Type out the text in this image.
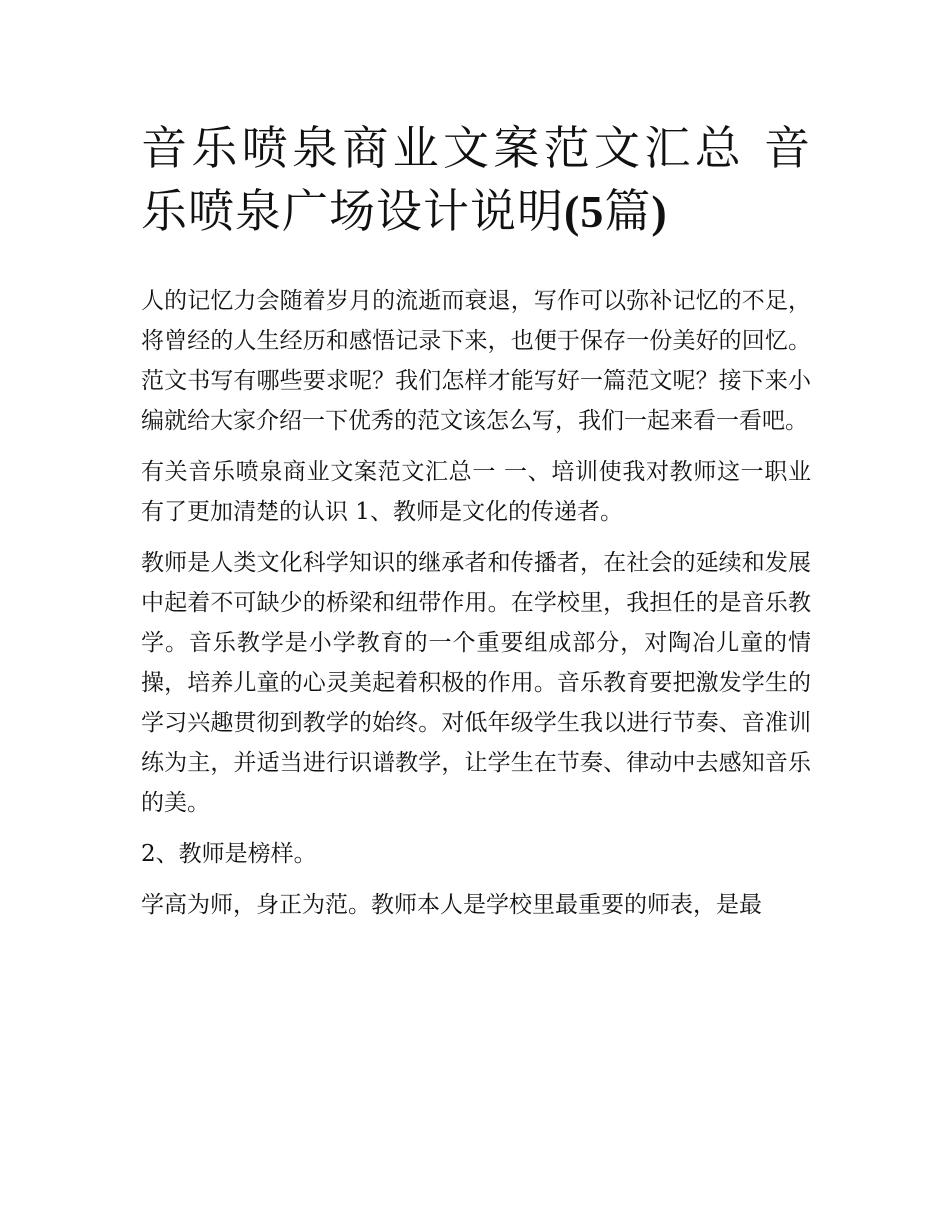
音乐喷泉商业文案范文汇总 音乐喷泉广场设计说明(5篇)

人的记忆力会随着岁月的流逝而衰退，写作可以弥补记忆的不足，将曾经的人生经历和感悟记录下来，也便于保存一份美好的回忆。范文书写有哪些要求呢？我们怎样才能写好一篇范文呢？接下来小编就给大家介绍一下优秀的范文该怎么写，我们一起来看一看吧。

有关音乐喷泉商业文案范文汇总一 一、培训使我对教师这一职业有了更加清楚的认识 1、教师是文化的传递者。

教师是人类文化科学知识的继承者和传播者，在社会的延续和发展中起着不可缺少的桥梁和纽带作用。在学校里，我担任的是音乐教学。音乐教学是小学教育的一个重要组成部分，对陶冶儿童的情操，培养儿童的心灵美起着积极的作用。音乐教育要把激发学生的学习兴趣贯彻到教学的始终。对低年级学生我以进行节奏、音准训练为主，并适当进行识谱教学，让学生在节奏、律动中去感知音乐的美。

2、教师是榜样。

学高为师，身正为范。教师本人是学校里最重要的师表，是最
